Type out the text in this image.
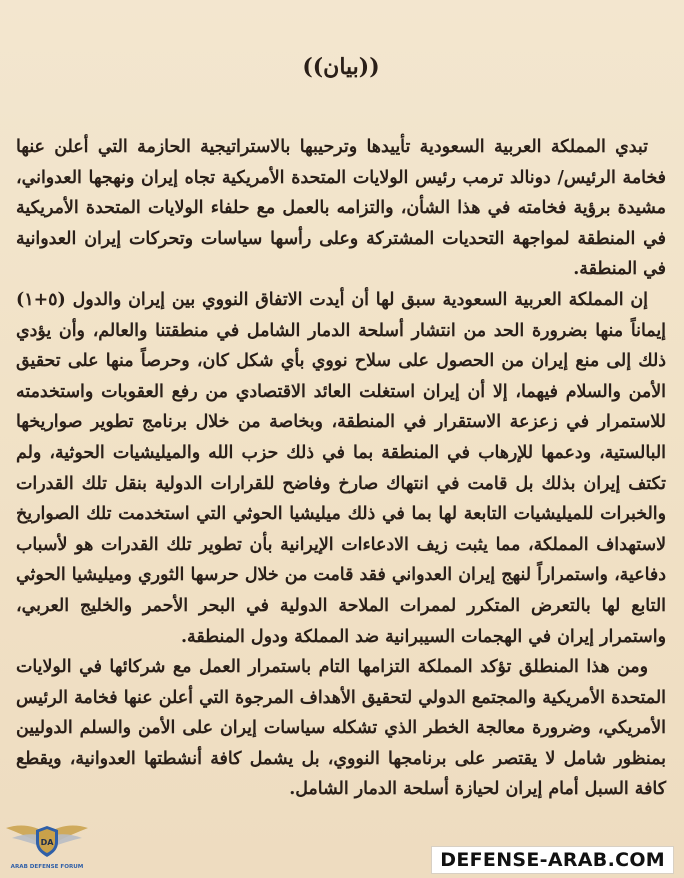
((بيان))

تبدي المملكة العربية السعودية تأييدها وترحيبها بالاستراتيجية الحازمة التي أعلن عنها فخامة الرئيس/ دونالد ترمب رئيس الولايات المتحدة الأمريكية تجاه إيران ونهجها العدواني، مشيدة برؤية فخامته في هذا الشأن، والتزامه بالعمل مع حلفاء الولايات المتحدة الأمريكية في المنطقة لمواجهة التحديات المشتركة وعلى رأسها سياسات وتحركات إيران العدوانية في المنطقة.

إن المملكة العربية السعودية سبق لها أن أيدت الاتفاق النووي بين إيران والدول (٥+١) إيماناً منها بضرورة الحد من انتشار أسلحة الدمار الشامل في منطقتنا والعالم، وأن يؤدي ذلك إلى منع إيران من الحصول على سلاح نووي بأي شكل كان، وحرصاً منها على تحقيق الأمن والسلام فيهما، إلا أن إيران استغلت العائد الاقتصادي من رفع العقوبات واستخدمته للاستمرار في زعزعة الاستقرار في المنطقة، وبخاصة من خلال برنامج تطوير صواريخها البالستية، ودعمها للإرهاب في المنطقة بما في ذلك حزب الله والميليشيات الحوثية، ولم تكتف إيران بذلك بل قامت في انتهاك صارخ وفاضح للقرارات الدولية بنقل تلك القدرات والخبرات للميليشيات التابعة لها بما في ذلك ميليشيا الحوثي التي استخدمت تلك الصواريخ لاستهداف المملكة، مما يثبت زيف الادعاءات الإيرانية بأن تطوير تلك القدرات هو لأسباب دفاعية، واستمراراً لنهج إيران العدواني فقد قامت من خلال حرسها الثوري وميليشيا الحوثي التابع لها بالتعرض المتكرر لممرات الملاحة الدولية في البحر الأحمر والخليج العربي، واستمرار إيران في الهجمات السيبرانية ضد المملكة ودول المنطقة.

ومن هذا المنطلق تؤكد المملكة التزامها التام باستمرار العمل مع شركائها في الولايات المتحدة الأمريكية والمجتمع الدولي لتحقيق الأهداف المرجوة التي أعلن عنها فخامة الرئيس الأمريكي، وضرورة معالجة الخطر الذي تشكله سياسات إيران على الأمن والسلم الدوليين بمنظور شامل لا يقتصر على برنامجها النووي، بل يشمل كافة أنشطتها العدوانية، ويقطع كافة السبل أمام إيران لحيازة أسلحة الدمار الشامل.

DA
ARAB DEFENSE FORUM	DEFENSE-ARAB.COM
